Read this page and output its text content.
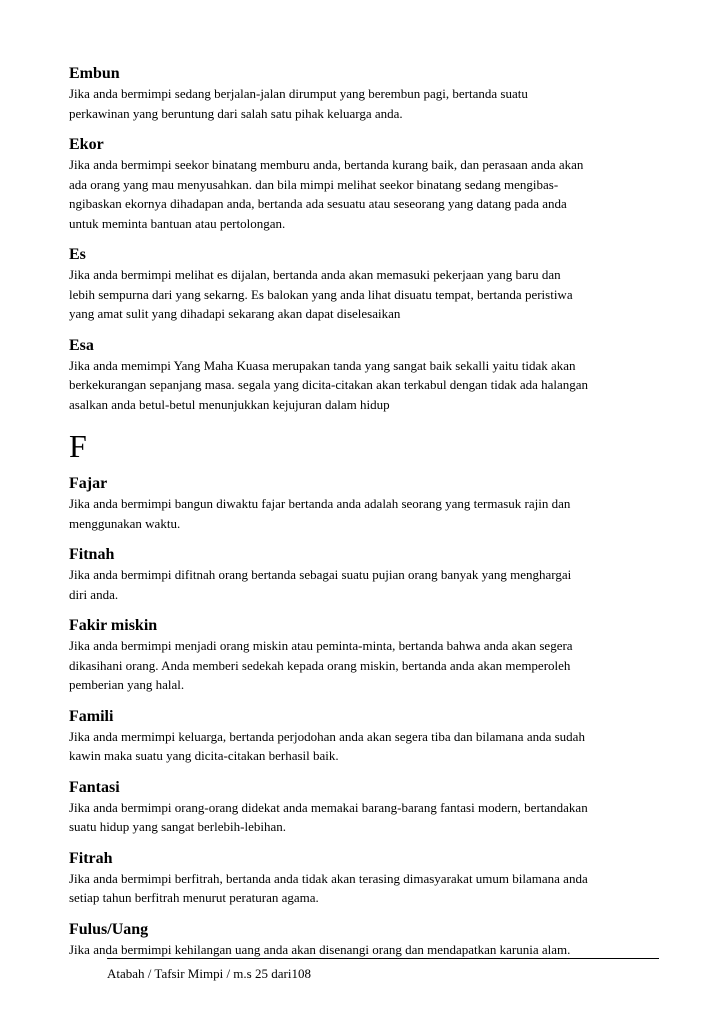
Embun

Jika anda bermimpi sedang berjalan-jalan dirumput yang berembun pagi, bertanda suatu
perkawinan yang beruntung dari salah satu pihak keluarga anda.

Ekor

Jika anda bermimpi seekor binatang memburu anda, bertanda kurang baik, dan perasaan anda akan
ada orang yang mau menyusahkan. dan bila mimpi melihat seekor binatang sedang mengibas-
ngibaskan ekornya dihadapan anda, bertanda ada sesuatu atau seseorang yang datang pada anda
untuk meminta bantuan atau pertolongan.

Es

Jika anda bermimpi melihat es dijalan, bertanda anda akan memasuki pekerjaan yang baru dan
lebih sempurna dari yang sekarng. Es balokan yang anda lihat disuatu tempat, bertanda peristiwa
yang amat sulit yang dihadapi sekarang akan dapat diselesaikan

Esa

Jika anda memimpi Yang Maha Kuasa merupakan tanda yang sangat baik sekalli yaitu tidak akan
berkekurangan sepanjang masa. segala yang dicita-citakan akan terkabul dengan tidak ada halangan
asalkan anda betul-betul menunjukkan kejujuran dalam hidup

F

Fajar

Jika anda bermimpi bangun diwaktu fajar bertanda anda adalah seorang yang termasuk rajin dan
menggunakan waktu.

Fitnah

Jika anda bermimpi difitnah orang bertanda sebagai suatu pujian orang banyak yang menghargai
diri anda.

Fakir miskin

Jika anda bermimpi menjadi orang miskin atau peminta-minta, bertanda bahwa anda akan segera
dikasihani orang. Anda memberi sedekah kepada orang miskin, bertanda anda akan memperoleh
pemberian yang halal.

Famili

Jika anda mermimpi keluarga, bertanda perjodohan anda akan segera tiba dan bilamana anda sudah
kawin maka suatu yang dicita-citakan berhasil baik.

Fantasi

Jika anda bermimpi orang-orang didekat anda memakai barang-barang fantasi modern, bertandakan
suatu hidup yang sangat berlebih-lebihan.

Fitrah

Jika anda bermimpi berfitrah, bertanda anda tidak akan terasing dimasyarakat umum bilamana anda
setiap tahun berfitrah menurut peraturan agama.

Fulus/Uang

Jika anda bermimpi kehilangan uang anda akan disenangi orang dan mendapatkan karunia alam.

Atabah / Tafsir Mimpi / m.s 25 dari108
